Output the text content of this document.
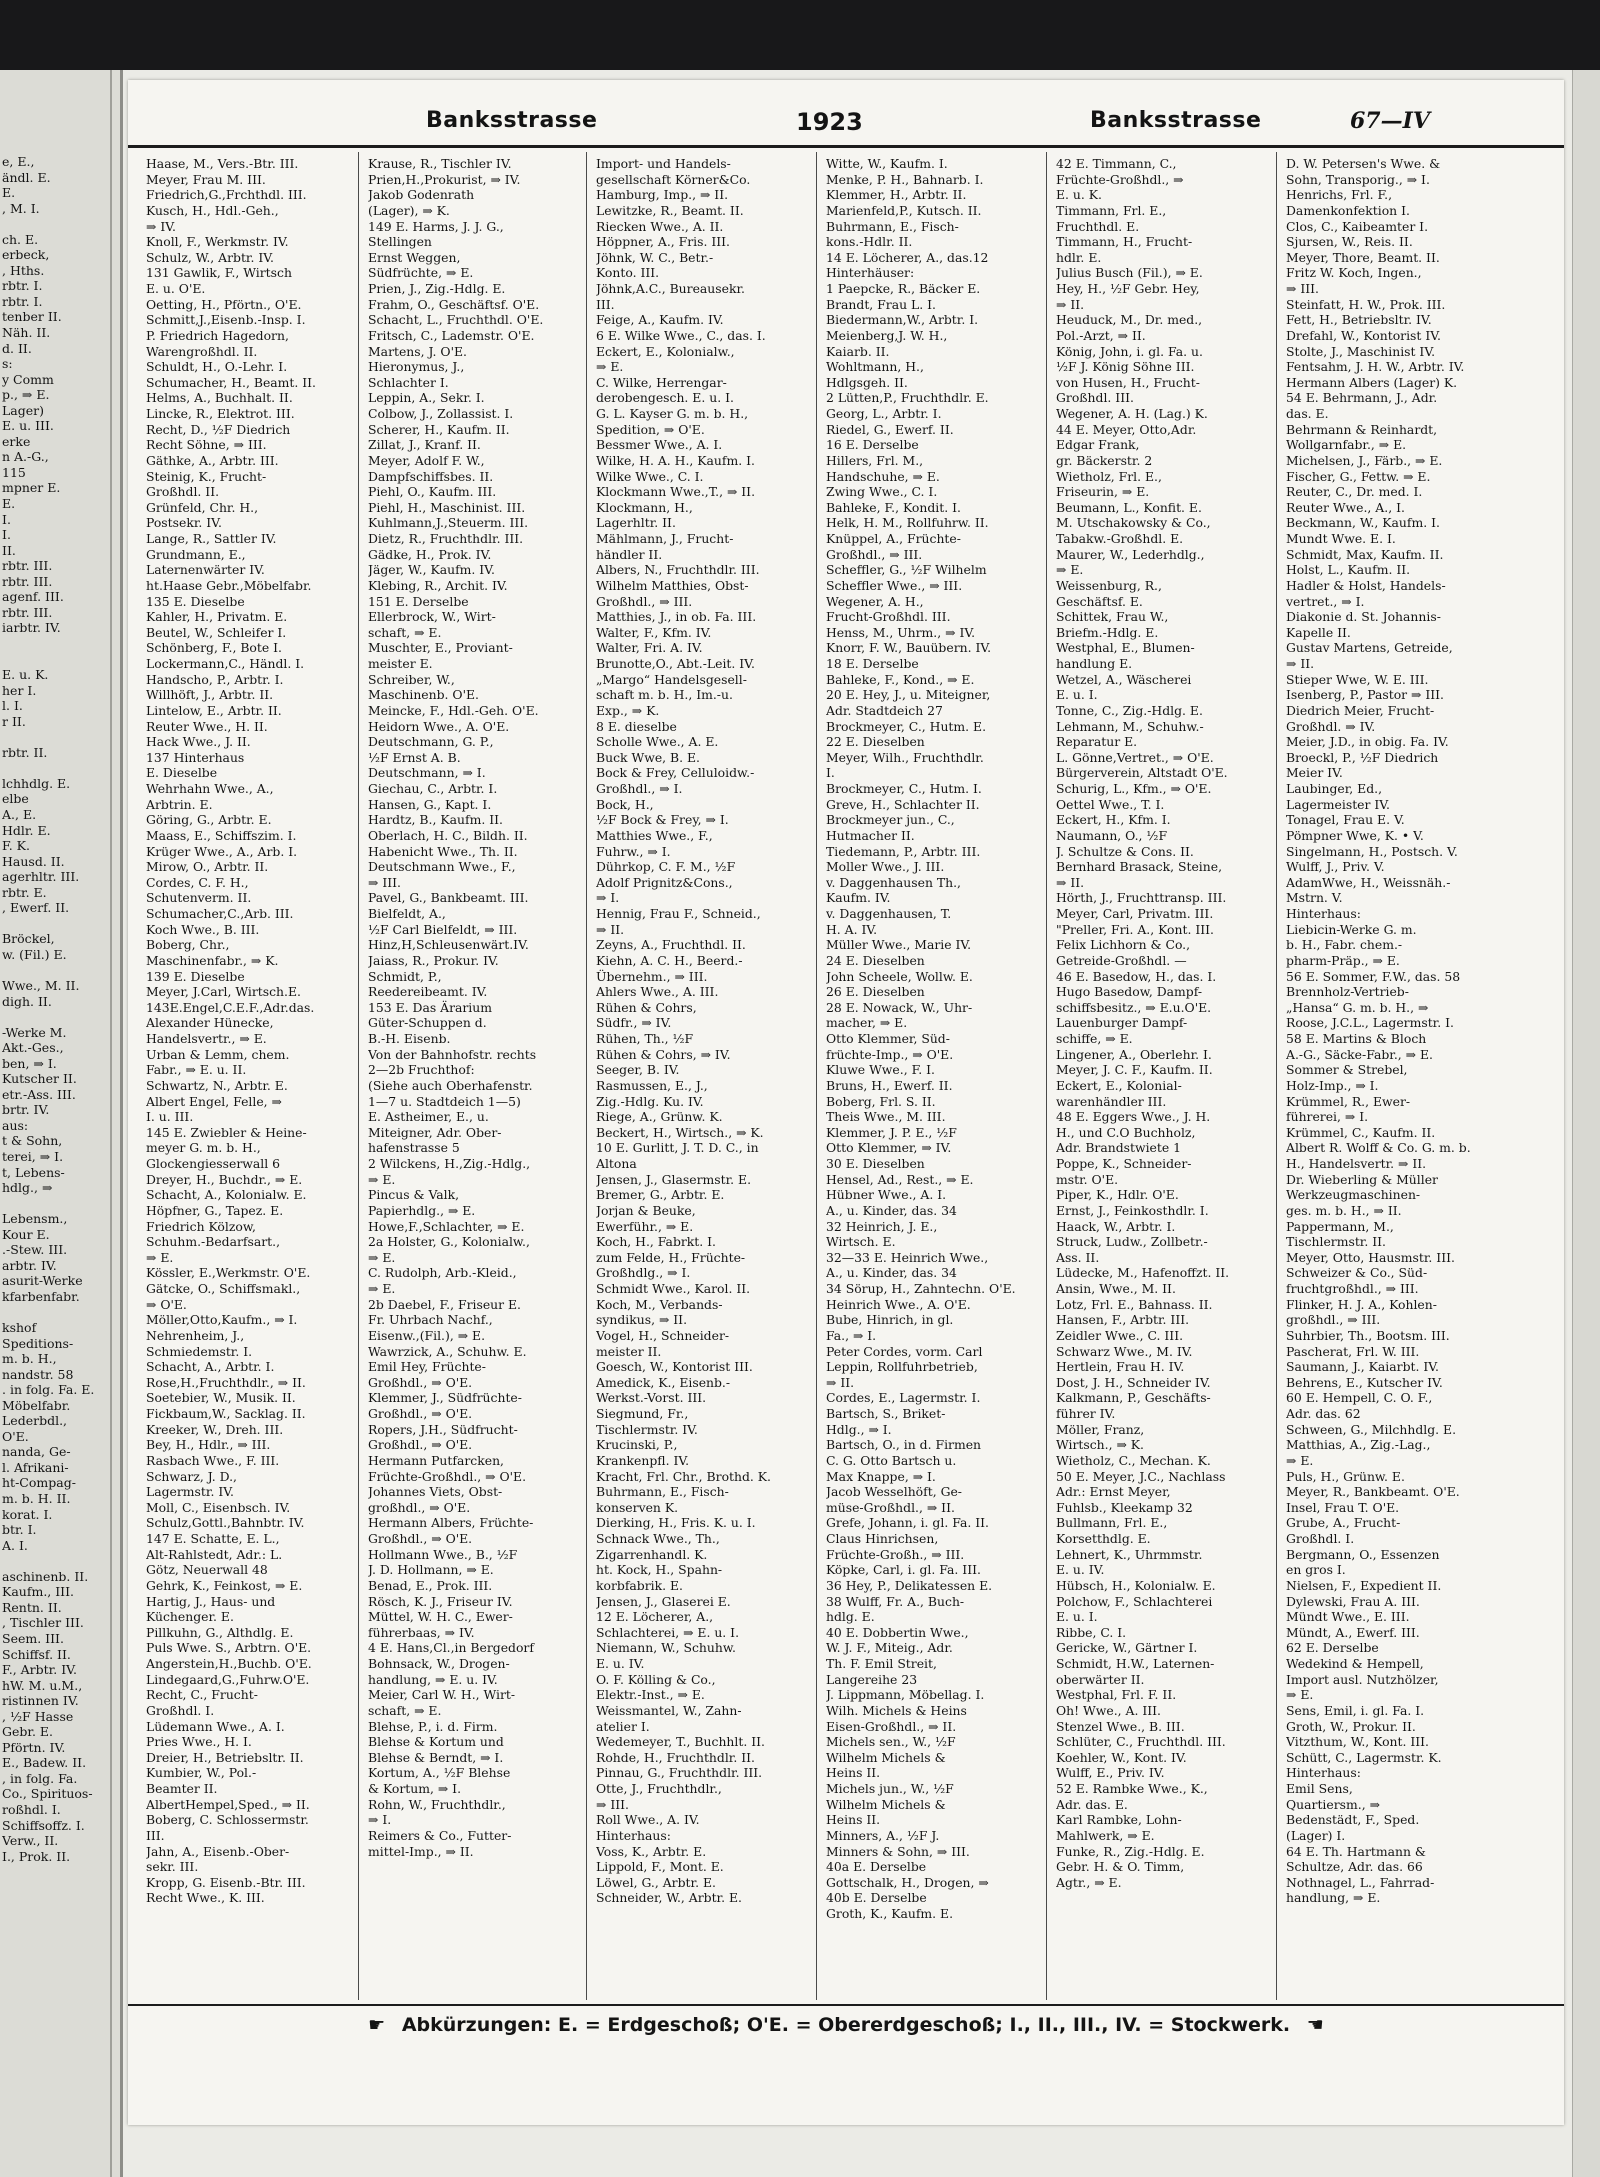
e, E.,
ändl. E.
E.
, M. I.

ch. E.
erbeck,
, Hths.
rbtr. I.
rbtr. I.
tenber II.
Näh. II.
d. II.
s:
y Comm
p., ⇒ E.
Lager)
E. u. III.
erke
n A.-G.,
115
mpner E.
E.
I.
I.
II.
rbtr. III.
rbtr. III.
agenf. III.
rbtr. III.
iarbtr. IV.

E. u. K.
her I.
l. I.
r II.

rbtr. II.

lchhdlg. E.
elbe
A., E.
Hdlr. E.
F. K.
Hausd. II.
agerhltr. III.
rbtr. E.
, Ewerf. II.

Bröckel,
w. (Fil.) E.

Wwe., M. II.
digh. II.

-Werke M.
Akt.-Ges.,
ben, ⇒ I.
Kutscher II.
etr.-Ass. III.
brtr. IV.
aus:
t & Sohn,
terei, ⇒ I.
t, Lebens-
hdlg., ⇒

Lebensm.,
Kour E.
.-Stew. III.
arbtr. IV.
asurit-Werke
kfarbenfabr.

kshof
Speditions-
m. b. H.,
nandstr. 58
. in folg. Fa. E.
Möbelfabr.
Lederbdl.,
O'E.
nanda, Ge-
l. Afrikani-
ht-Compag-
m. b. H. II.
korat. I.
btr. I.
A. I.

aschinenb. II.
Kaufm., III.
Rentn. II.
, Tischler III.
Seem. III.
Schiffsf. II.
F., Arbtr. IV.
hW. M. u.M.,
ristinnen IV.
, ½F Hasse
Gebr. E.
Pförtn. IV.
E., Badew. II.
, in folg. Fa.
Co., Spirituos-
roßhdl. I.
Schiffsoffz. I.
Verw., II.
I., Prok. II.
Banksstrasse	1923	Banksstrasse	67—IV
Haase, M., Vers.-Btr. III.
Meyer, Frau M. III.
Friedrich,G.,Frchthdl. III.
Kusch, H., Hdl.-Geh.,
⇒ IV.
Knoll, F., Werkmstr. IV.
Schulz, W., Arbtr. IV.
131 Gawlik, F., Wirtsch
E. u. O'E.
Oetting, H., Pförtn., O'E.
Schmitt,J.,Eisenb.-Insp. I.
P. Friedrich Hagedorn,
Warengroßhdl. II.
Schuldt, H., O.-Lehr. I.
Schumacher, H., Beamt. II.
Helms, A., Buchhalt. II.
Lincke, R., Elektrot. III.
Recht, D., ½F Diedrich
Recht Söhne, ⇒ III.
Gäthke, A., Arbtr. III.
Steinig, K., Frucht-
Großhdl. II.
Grünfeld, Chr. H.,
Postsekr. IV.
Lange, R., Sattler IV.
Grundmann, E.,
Laternenwärter IV.
ht.Haase Gebr.,Möbelfabr.
135 E. Dieselbe
Kahler, H., Privatm. E.
Beutel, W., Schleifer I.
Schönberg, F., Bote I.
Lockermann,C., Händl. I.
Handscho, P., Arbtr. I.
Willhöft, J., Arbtr. II.
Lintelow, E., Arbtr. II.
Reuter Wwe., H. II.
Hack Wwe., J. II.
137 Hinterhaus
E. Dieselbe
Wehrhahn Wwe., A.,
Arbtrin. E.
Göring, G., Arbtr. E.
Maass, E., Schiffszim. I.
Krüger Wwe., A., Arb. I.
Mirow, O., Arbtr. II.
Cordes, C. F. H.,
Schutenverm. II.
Schumacher,C.,Arb. III.
Koch Wwe., B. III.
Boberg, Chr.,
Maschinenfabr., ⇒ K.
139 E. Dieselbe
Meyer, J.Carl, Wirtsch.E.
143E.Engel,C.E.F.,Adr.das.
Alexander Hünecke,
Handelsvertr., ⇒ E.
Urban & Lemm, chem.
Fabr., ⇒ E. u. II.
Schwartz, N., Arbtr. E.
Albert Engel, Felle, ⇒
I. u. III.
145 E. Zwiebler & Heine-
meyer G. m. b. H.,
Glockengiesserwall 6
Dreyer, H., Buchdr., ⇒ E.
Schacht, A., Kolonialw. E.
Höpfner, G., Tapez. E.
Friedrich Kölzow,
Schuhm.-Bedarfsart.,
⇒ E.
Kössler, E.,Werkmstr. O'E.
Gätcke, O., Schiffsmakl.,
⇒ O'E.
Möller,Otto,Kaufm., ⇒ I.
Nehrenheim, J.,
Schmiedemstr. I.
Schacht, A., Arbtr. I.
Rose,H.,Fruchthdlr., ⇒ II.
Soetebier, W., Musik. II.
Fickbaum,W., Sacklag. II.
Kreeker, W., Dreh. III.
Bey, H., Hdlr., ⇒ III.
Rasbach Wwe., F. III.
Schwarz, J. D.,
Lagermstr. IV.
Moll, C., Eisenbsch. IV.
Schulz,Gottl.,Bahnbtr. IV.
147 E. Schatte, E. L.,
Alt-Rahlstedt, Adr.: L.
Götz, Neuerwall 48
Gehrk, K., Feinkost, ⇒ E.
Hartig, J., Haus- und
Küchenger. E.
Pillkuhn, G., Althdlg. E.
Puls Wwe. S., Arbtrn. O'E.
Angerstein,H.,Buchb. O'E.
Lindegaard,G.,Fuhrw.O'E.
Recht, C., Frucht-
Großhdl. I.
Lüdemann Wwe., A. I.
Pries Wwe., H. I.
Dreier, H., Betriebsltr. II.
Kumbier, W., Pol.-
Beamter II.
AlbertHempel,Sped., ⇒ II.
Boberg, C. Schlossermstr.
III.
Jahn, A., Eisenb.-Ober-
sekr. III.
Kropp, G. Eisenb.-Btr. III.
Recht Wwe., K. III.
Krause, R., Tischler IV.
Prien,H.,Prokurist, ⇒ IV.
Jakob Godenrath
(Lager), ⇒ K.
149 E. Harms, J. J. G.,
Stellingen
Ernst Weggen,
Südfrüchte, ⇒ E.
Prien, J., Zig.-Hdlg. E.
Frahm, O., Geschäftsf. O'E.
Schacht, L., Fruchthdl. O'E.
Fritsch, C., Lademstr. O'E.
Martens, J. O'E.
Hieronymus, J.,
Schlachter I.
Leppin, A., Sekr. I.
Colbow, J., Zollassist. I.
Scherer, H., Kaufm. II.
Zillat, J., Kranf. II.
Meyer, Adolf F. W.,
Dampfschiffsbes. II.
Piehl, O., Kaufm. III.
Piehl, H., Maschinist. III.
Kuhlmann,J.,Steuerm. III.
Dietz, R., Fruchthdlr. III.
Gädke, H., Prok. IV.
Jäger, W., Kaufm. IV.
Klebing, R., Archit. IV.
151 E. Derselbe
Ellerbrock, W., Wirt-
schaft, ⇒ E.
Muschter, E., Proviant-
meister E.
Schreiber, W.,
Maschinenb. O'E.
Meincke, F., Hdl.-Geh. O'E.
Heidorn Wwe., A. O'E.
Deutschmann, G. P.,
½F Ernst A. B.
Deutschmann, ⇒ I.
Giechau, C., Arbtr. I.
Hansen, G., Kapt. I.
Hardtz, B., Kaufm. II.
Oberlach, H. C., Bildh. II.
Habenicht Wwe., Th. II.
Deutschmann Wwe., F.,
⇒ III.
Pavel, G., Bankbeamt. III.
Bielfeldt, A.,
½F Carl Bielfeldt, ⇒ III.
Hinz,H,Schleusenwärt.IV.
Jaiass, R., Prokur. IV.
Schmidt, P.,
Reedereibeamt. IV.
153 E. Das Ärarium
Güter-Schuppen d.
B.-H. Eisenb.
Von der Bahnhofstr. rechts
2—2b Fruchthof:
(Siehe auch Oberhafenstr.
1—7 u. Stadtdeich 1—5)
E. Astheimer, E., u.
Miteigner, Adr. Ober-
hafenstrasse 5
2 Wilckens, H.,Zig.-Hdlg.,
⇒ E.
Pincus & Valk,
Papierhdlg., ⇒ E.
Howe,F.,Schlachter, ⇒ E.
2a Holster, G., Kolonialw.,
⇒ E.
C. Rudolph, Arb.-Kleid.,
⇒ E.
2b Daebel, F., Friseur E.
Fr. Uhrbach Nachf.,
Eisenw.,(Fil.), ⇒ E.
Wawrzick, A., Schuhw. E.
Emil Hey, Früchte-
Großhdl., ⇒ O'E.
Klemmer, J., Südfrüchte-
Großhdl., ⇒ O'E.
Ropers, J.H., Südfrucht-
Großhdl., ⇒ O'E.
Hermann Putfarcken,
Früchte-Großhdl., ⇒ O'E.
Johannes Viets, Obst-
großhdl., ⇒ O'E.
Hermann Albers, Früchte-
Großhdl., ⇒ O'E.
Hollmann Wwe., B., ½F
J. D. Hollmann, ⇒ E.
Benad, E., Prok. III.
Rösch, K. J., Friseur IV.
Müttel, W. H. C., Ewer-
führerbaas, ⇒ IV.
4 E. Hans,Cl.,in Bergedorf
Bohnsack, W., Drogen-
handlung, ⇒ E. u. IV.
Meier, Carl W. H., Wirt-
schaft, ⇒ E.
Blehse, P., i. d. Firm.
Blehse & Kortum und
Blehse & Berndt, ⇒ I.
Kortum, A., ½F Blehse
& Kortum, ⇒ I.
Rohn, W., Fruchthdlr.,
⇒ I.
Reimers & Co., Futter-
mittel-Imp., ⇒ II.
Import- und Handels-
gesellschaft Körner&Co.
Hamburg, Imp., ⇒ II.
Lewitzke, R., Beamt. II.
Riecken Wwe., A. II.
Höppner, A., Fris. III.
Jöhnk, W. C., Betr.-
Konto. III.
Jöhnk,A.C., Bureausekr.
III.
Feige, A., Kaufm. IV.
6 E. Wilke Wwe., C., das. I.
Eckert, E., Kolonialw.,
⇒ E.
C. Wilke, Herrengar-
derobengesch. E. u. I.
G. L. Kayser G. m. b. H.,
Spedition, ⇒ O'E.
Bessmer Wwe., A. I.
Wilke, H. A. H., Kaufm. I.
Wilke Wwe., C. I.
Klockmann Wwe.,T., ⇒ II.
Klockmann, H.,
Lagerhltr. II.
Mählmann, J., Frucht-
händler II.
Albers, N., Fruchthdlr. III.
Wilhelm Matthies, Obst-
Großhdl., ⇒ III.
Matthies, J., in ob. Fa. III.
Walter, F., Kfm. IV.
Walter, Fri. A. IV.
Brunotte,O., Abt.-Leit. IV.
„Margo“ Handelsgesell-
schaft m. b. H., Im.-u.
Exp., ⇒ K.
8 E. dieselbe
Scholle Wwe., A. E.
Buck Wwe, B. E.
Bock & Frey, Celluloidw.-
Großhdl., ⇒ I.
Bock, H.,
½F Bock & Frey, ⇒ I.
Matthies Wwe., F.,
Fuhrw., ⇒ I.
Dührkop, C. F. M., ½F
Adolf Prignitz&Cons.,
⇒ I.
Hennig, Frau F., Schneid.,
⇒ II.
Zeyns, A., Fruchthdl. II.
Kiehn, A. C. H., Beerd.-
Übernehm., ⇒ III.
Ahlers Wwe., A. III.
Rühen & Cohrs,
Südfr., ⇒ IV.
Rühen, Th., ½F
Rühen & Cohrs, ⇒ IV.
Seeger, B. IV.
Rasmussen, E., J.,
Zig.-Hdlg. Ku. IV.
Riege, A., Grünw. K.
Beckert, H., Wirtsch., ⇒ K.
10 E. Gurlitt, J. T. D. C., in
Altona
Jensen, J., Glasermstr. E.
Bremer, G., Arbtr. E.
Jorjan & Beuke,
Ewerführ., ⇒ E.
Koch, H., Fabrkt. I.
zum Felde, H., Früchte-
Großhdlg., ⇒ I.
Schmidt Wwe., Karol. II.
Koch, M., Verbands-
syndikus, ⇒ II.
Vogel, H., Schneider-
meister II.
Goesch, W., Kontorist III.
Amedick, K., Eisenb.-
Werkst.-Vorst. III.
Siegmund, Fr.,
Tischlermstr. IV.
Krucinski, P.,
Krankenpfl. IV.
Kracht, Frl. Chr., Brothd. K.
Buhrmann, E., Fisch-
konserven K.
Dierking, H., Fris. K. u. I.
Schnack Wwe., Th.,
Zigarrenhandl. K.
ht. Kock, H., Spahn-
korbfabrik. E.
Jensen, J., Glaserei E.
12 E. Löcherer, A.,
Schlachterei, ⇒ E. u. I.
Niemann, W., Schuhw.
E. u. IV.
O. F. Kölling & Co.,
Elektr.-Inst., ⇒ E.
Weissmantel, W., Zahn-
atelier I.
Wedemeyer, T., Buchhlt. II.
Rohde, H., Fruchthdlr. II.
Pinnau, G., Fruchthdlr. III.
Otte, J., Fruchthdlr.,
⇒ III.
Roll Wwe., A. IV.
Hinterhaus:
Voss, K., Arbtr. E.
Lippold, F., Mont. E.
Löwel, G., Arbtr. E.
Schneider, W., Arbtr. E.
Witte, W., Kaufm. I.
Menke, P. H., Bahnarb. I.
Klemmer, H., Arbtr. II.
Marienfeld,P., Kutsch. II.
Buhrmann, E., Fisch-
kons.-Hdlr. II.
14 E. Löcherer, A., das.12
Hinterhäuser:
1 Paepcke, R., Bäcker E.
Brandt, Frau L. I.
Biedermann,W., Arbtr. I.
Meienberg,J. W. H.,
Kaiarb. II.
Wohltmann, H.,
Hdlgsgeh. II.
2 Lütten,P., Fruchthdlr. E.
Georg, L., Arbtr. I.
Riedel, G., Ewerf. II.
16 E. Derselbe
Hillers, Frl. M.,
Handschuhe, ⇒ E.
Zwing Wwe., C. I.
Bahleke, F., Kondit. I.
Helk, H. M., Rollfuhrw. II.
Knüppel, A., Früchte-
Großhdl., ⇒ III.
Scheffler, G., ½F Wilhelm
Scheffler Wwe., ⇒ III.
Wegener, A. H.,
Frucht-Großhdl. III.
Henss, M., Uhrm., ⇒ IV.
Knorr, F. W., Bauübern. IV.
18 E. Derselbe
Bahleke, F., Kond., ⇒ E.
20 E. Hey, J., u. Miteigner,
Adr. Stadtdeich 27
Brockmeyer, C., Hutm. E.
22 E. Dieselben
Meyer, Wilh., Fruchthdlr.
I.
Brockmeyer, C., Hutm. I.
Greve, H., Schlachter II.
Brockmeyer jun., C.,
Hutmacher II.
Tiedemann, P., Arbtr. III.
Moller Wwe., J. III.
v. Daggenhausen Th.,
Kaufm. IV.
v. Daggenhausen, T.
H. A. IV.
Müller Wwe., Marie IV.
24 E. Dieselben
John Scheele, Wollw. E.
26 E. Dieselben
28 E. Nowack, W., Uhr-
macher, ⇒ E.
Otto Klemmer, Süd-
früchte-Imp., ⇒ O'E.
Kluwe Wwe., F. I.
Bruns, H., Ewerf. II.
Boberg, Frl. S. II.
Theis Wwe., M. III.
Klemmer, J. P. E., ½F
Otto Klemmer, ⇒ IV.
30 E. Dieselben
Hensel, Ad., Rest., ⇒ E.
Hübner Wwe., A. I.
A., u. Kinder, das. 34
32 Heinrich, J. E.,
Wirtsch. E.
32—33 E. Heinrich Wwe.,
A., u. Kinder, das. 34
34 Sörup, H., Zahntechn. O'E.
Heinrich Wwe., A. O'E.
Bube, Hinrich, in gl.
Fa., ⇒ I.
Peter Cordes, vorm. Carl
Leppin, Rollfuhrbetrieb,
⇒ II.
Cordes, E., Lagermstr. I.
Bartsch, S., Briket-
Hdlg., ⇒ I.
Bartsch, O., in d. Firmen
C. G. Otto Bartsch u.
Max Knappe, ⇒ I.
Jacob Wesselhöft, Ge-
müse-Großhdl., ⇒ II.
Grefe, Johann, i. gl. Fa. II.
Claus Hinrichsen,
Früchte-Großh., ⇒ III.
Köpke, Carl, i. gl. Fa. III.
36 Hey, P., Delikatessen E.
38 Wulff, Fr. A., Buch-
hdlg. E.
40 E. Dobbertin Wwe.,
W. J. F., Miteig., Adr.
Th. F. Emil Streit,
Langereihe 23
J. Lippmann, Möbellag. I.
Wilh. Michels & Heins
Eisen-Großhdl., ⇒ II.
Michels sen., W., ½F
Wilhelm Michels &
Heins II.
Michels jun., W., ½F
Wilhelm Michels &
Heins II.
Minners, A., ½F J.
Minners & Sohn, ⇒ III.
40a E. Derselbe
Gottschalk, H., Drogen, ⇒
40b E. Derselbe
Groth, K., Kaufm. E.
42 E. Timmann, C.,
Früchte-Großhdl., ⇒
E. u. K.
Timmann, Frl. E.,
Fruchthdl. E.
Timmann, H., Frucht-
hdlr. E.
Julius Busch (Fil.), ⇒ E.
Hey, H., ½F Gebr. Hey,
⇒ II.
Heuduck, M., Dr. med.,
Pol.-Arzt, ⇒ II.
König, John, i. gl. Fa. u.
½F J. König Söhne III.
von Husen, H., Frucht-
Großhdl. III.
Wegener, A. H. (Lag.) K.
44 E. Meyer, Otto,Adr.
Edgar Frank,
gr. Bäckerstr. 2
Wietholz, Frl. E.,
Friseurin, ⇒ E.
Beumann, L., Konfit. E.
M. Utschakowsky & Co.,
Tabakw.-Großhdl. E.
Maurer, W., Lederhdlg.,
⇒ E.
Weissenburg, R.,
Geschäftsf. E.
Schittek, Frau W.,
Briefm.-Hdlg. E.
Westphal, E., Blumen-
handlung E.
Wetzel, A., Wäscherei
E. u. I.
Tonne, C., Zig.-Hdlg. E.
Lehmann, M., Schuhw.-
Reparatur E.
L. Gönne,Vertret., ⇒ O'E.
Bürgerverein, Altstadt O'E.
Schurig, L., Kfm., ⇒ O'E.
Oettel Wwe., T. I.
Eckert, H., Kfm. I.
Naumann, O., ½F
J. Schultze & Cons. II.
Bernhard Brasack, Steine,
⇒ II.
Hörth, J., Fruchttransp. III.
Meyer, Carl, Privatm. III.
"Preller, Fri. A., Kont. III.
Felix Lichhorn & Co.,
Getreide-Großhdl. —
46 E. Basedow, H., das. I.
Hugo Basedow, Dampf-
schiffsbesitz., ⇒ E.u.O'E.
Lauenburger Dampf-
schiffe, ⇒ E.
Lingener, A., Oberlehr. I.
Meyer, J. C. F., Kaufm. II.
Eckert, E., Kolonial-
warenhändler III.
48 E. Eggers Wwe., J. H.
H., und C.O Buchholz,
Adr. Brandstwiete 1
Poppe, K., Schneider-
mstr. O'E.
Piper, K., Hdlr. O'E.
Ernst, J., Feinkosthdlr. I.
Haack, W., Arbtr. I.
Struck, Ludw., Zollbetr.-
Ass. II.
Lüdecke, M., Hafenoffzt. II.
Ansin, Wwe., M. II.
Lotz, Frl. E., Bahnass. II.
Hansen, F., Arbtr. III.
Zeidler Wwe., C. III.
Schwarz Wwe., M. IV.
Hertlein, Frau H. IV.
Dost, J. H., Schneider IV.
Kalkmann, P., Geschäfts-
führer IV.
Möller, Franz,
Wirtsch., ⇒ K.
Wietholz, C., Mechan. K.
50 E. Meyer, J.C., Nachlass
Adr.: Ernst Meyer,
Fuhlsb., Kleekamp 32
Bullmann, Frl. E.,
Korsetthdlg. E.
Lehnert, K., Uhrmmstr.
E. u. IV.
Hübsch, H., Kolonialw. E.
Polchow, F., Schlachterei
E. u. I.
Ribbe, C. I.
Gericke, W., Gärtner I.
Schmidt, H.W., Laternen-
oberwärter II.
Westphal, Frl. F. II.
Oh! Wwe., A. III.
Stenzel Wwe., B. III.
Schlüter, C., Fruchthdl. III.
Koehler, W., Kont. IV.
Wulff, E., Priv. IV.
52 E. Rambke Wwe., K.,
Adr. das. E.
Karl Rambke, Lohn-
Mahlwerk, ⇒ E.
Funke, R., Zig.-Hdlg. E.
Gebr. H. & O. Timm,
Agtr., ⇒ E.
D. W. Petersen's Wwe. &
Sohn, Transporig., ⇒ I.
Henrichs, Frl. F.,
Damenkonfektion I.
Clos, C., Kaibeamter I.
Sjursen, W., Reis. II.
Meyer, Thore, Beamt. II.
Fritz W. Koch, Ingen.,
⇒ III.
Steinfatt, H. W., Prok. III.
Fett, H., Betriebsltr. IV.
Drefahl, W., Kontorist IV.
Stolte, J., Maschinist IV.
Fentsahm, J. H. W., Arbtr. IV.
Hermann Albers (Lager) K.
54 E. Behrmann, J., Adr.
das. E.
Behrmann & Reinhardt,
Wollgarnfabr., ⇒ E.
Michelsen, J., Färb., ⇒ E.
Fischer, G., Fettw. ⇒ E.
Reuter, C., Dr. med. I.
Reuter Wwe., A., I.
Beckmann, W., Kaufm. I.
Mundt Wwe. E. I.
Schmidt, Max, Kaufm. II.
Holst, L., Kaufm. II.
Hadler & Holst, Handels-
vertret., ⇒ I.
Diakonie d. St. Johannis-
Kapelle II.
Gustav Martens, Getreide,
⇒ II.
Stieper Wwe, W. E. III.
Isenberg, P., Pastor ⇒ III.
Diedrich Meier, Frucht-
Großhdl. ⇒ IV.
Meier, J.D., in obig. Fa. IV.
Broeckl, P., ½F Diedrich
Meier IV.
Laubinger, Ed.,
Lagermeister IV.
Tonagel, Frau E. V.
Pömpner Wwe, K. • V.
Singelmann, H., Postsch. V.
Wulff, J., Priv. V.
AdamWwe, H., Weissnäh.-
Mstrn. V.
Hinterhaus:
Liebicin-Werke G. m.
b. H., Fabr. chem.-
pharm-Präp., ⇒ E.
56 E. Sommer, F.W., das. 58
Brennholz-Vertrieb-
„Hansa“ G. m. b. H., ⇒
Roose, J.C.L., Lagermstr. I.
58 E. Martins & Bloch
A.-G., Säcke-Fabr., ⇒ E.
Sommer & Strebel,
Holz-Imp., ⇒ I.
Krümmel, R., Ewer-
führerei, ⇒ I.
Krümmel, C., Kaufm. II.
Albert R. Wolff & Co. G. m. b.
H., Handelsvertr. ⇒ II.
Dr. Wieberling & Müller
Werkzeugmaschinen-
ges. m. b. H., ⇒ II.
Pappermann, M.,
Tischlermstr. II.
Meyer, Otto, Hausmstr. III.
Schweizer & Co., Süd-
fruchtgroßhdl., ⇒ III.
Flinker, H. J. A., Kohlen-
großhdl., ⇒ III.
Suhrbier, Th., Bootsm. III.
Pascherat, Frl. W. III.
Saumann, J., Kaiarbt. IV.
Behrens, E., Kutscher IV.
60 E. Hempell, C. O. F.,
Adr. das. 62
Schween, G., Milchhdlg. E.
Matthias, A., Zig.-Lag.,
⇒ E.
Puls, H., Grünw. E.
Meyer, R., Bankbeamt. O'E.
Insel, Frau T. O'E.
Grube, A., Frucht-
Großhdl. I.
Bergmann, O., Essenzen
en gros I.
Nielsen, F., Expedient II.
Dylewski, Frau A. III.
Mündt Wwe., E. III.
Mündt, A., Ewerf. III.
62 E. Derselbe
Wedekind & Hempell,
Import ausl. Nutzhölzer,
⇒ E.
Sens, Emil, i. gl. Fa. I.
Groth, W., Prokur. II.
Vitzthum, W., Kont. III.
Schütt, C., Lagermstr. K.
Hinterhaus:
Emil Sens,
Quartiersm., ⇒
Bedenstädt, F., Sped.
(Lager) I.
64 E. Th. Hartmann &
Schultze, Adr. das. 66
Nothnagel, L., Fahrrad-
handlung, ⇒ E.
☛ Abkürzungen: E. = Erdgeschoß; O'E. = Obererdgeschoß; I., II., III., IV. = Stockwerk. ☚
